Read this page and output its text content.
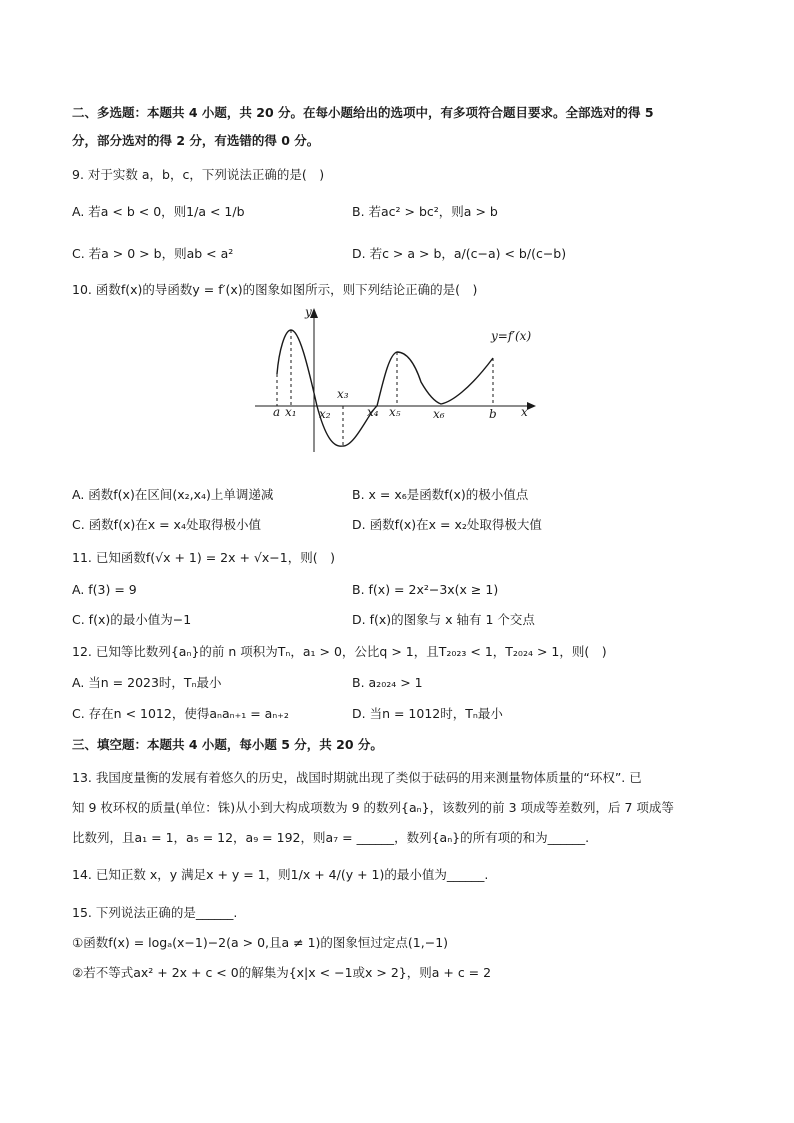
二、多选题：本题共 4 小题，共 20 分。在每小题给出的选项中，有多项符合题目要求。全部选对的得 5
分，部分选对的得 2 分，有选错的得 0 分。
9. 对于实数 a，b，c，下列说法正确的是(　)
A. 若a < b < 0，则1/a < 1/b	B. 若ac² > bc²，则a > b
C. 若a > 0 > b，则ab < a²	D. 若c > a > b，a/(c−a) < b/(c−b)
10. 函数f(x)的导函数y = f′(x)的图象如图所示，则下列结论正确的是(　)
y=f′(x)
y
x
a x₁ x₂
x₃
x₄ x₅	x₆	b
A. 函数f(x)在区间(x₂,x₄)上单调递减	B. x = x₆是函数f(x)的极小值点
C. 函数f(x)在x = x₄处取得极小值	D. 函数f(x)在x = x₂处取得极大值
11. 已知函数f(√x + 1) = 2x + √x−1，则(　)
A. f(3) = 9	B. f(x) = 2x²−3x(x ≥ 1)
C. f(x)的最小值为−1	D. f(x)的图象与 x 轴有 1 个交点
12. 已知等比数列{aₙ}的前 n 项积为Tₙ，a₁ > 0，公比q > 1，且T₂₀₂₃ < 1，T₂₀₂₄ > 1，则(　)
A. 当n = 2023时，Tₙ最小	B. a₂₀₂₄ > 1
C. 存在n < 1012，使得aₙaₙ₊₁ = aₙ₊₂	D. 当n = 1012时，Tₙ最小
三、填空题：本题共 4 小题，每小题 5 分，共 20 分。
13. 我国度量衡的发展有着悠久的历史，战国时期就出现了类似于砝码的用来测量物体质量的“环权”. 已
知 9 枚环权的质量(单位：铢)从小到大构成项数为 9 的数列{aₙ}，该数列的前 3 项成等差数列，后 7 项成等
比数列，且a₁ = 1，a₅ = 12，a₉ = 192，则a₇ = ______，数列{aₙ}的所有项的和为______.
14. 已知正数 x，y 满足x + y = 1，则1/x + 4/(y + 1)的最小值为______.
15. 下列说法正确的是______.
①函数f(x) = logₐ(x−1)−2(a > 0,且a ≠ 1)的图象恒过定点(1,−1)
②若不等式ax² + 2x + c < 0的解集为{x|x < −1或x > 2}，则a + c = 2
